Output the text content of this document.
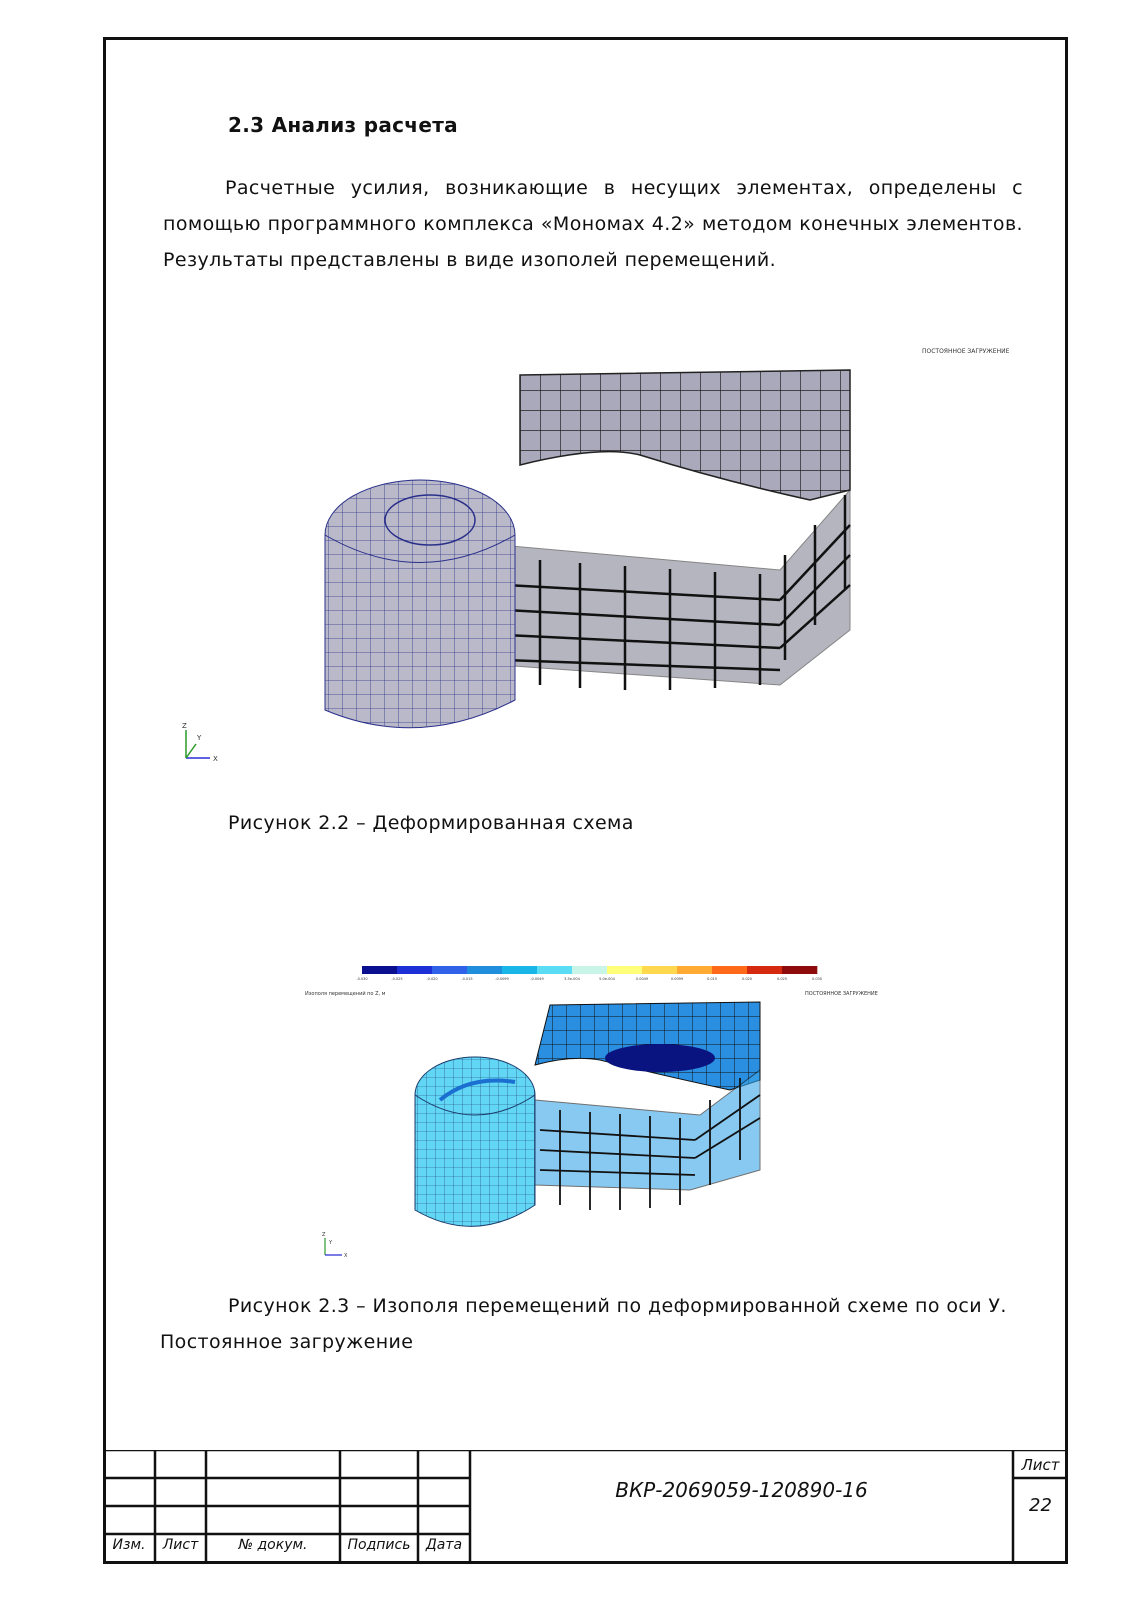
2.3 Анализ расчета
Расчетные усилия, возникающие в несущих элементах, определены с помощью программного комплекса «Мономах 4.2» методом конечных элементов. Результаты представлены в виде изополей перемещений.
ПОСТОЯННОЕ ЗАГРУЖЕНИЕ
Z
Y
X
Рисунок 2.2 – Деформированная схема
-0.030	-0.025	-0.020	-0.015	-0.0099	-0.0049	3.5e-004	5.0e-004	0.0049	0.0099	0.015	0.020	0.025	0.030
Изополя перемещений по Z, м	ПОСТОЯННОЕ ЗАГРУЖЕНИЕ
Z
Y
X
Рисунок 2.3 – Изополя перемещений по деформированной схеме по оси У.
Постоянное загружение
Изм.	Лист	№ докум.	Подпись	Дата
ВКР-2069059-120890-16
Лист
22
